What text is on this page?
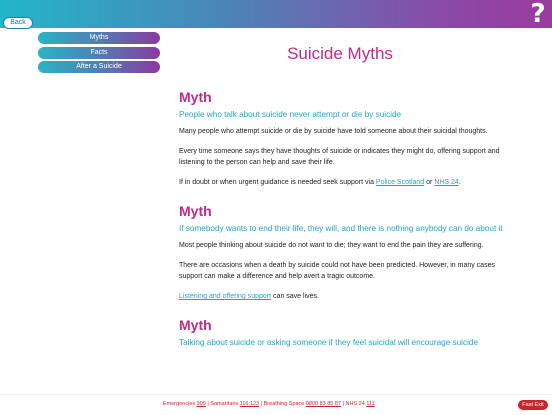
Back	?
Myths
Facts
After a Suicide
Suicide Myths
Myth
People who talk about suicide never attempt or die by suicide

Many people who attempt suicide or die by suicide have told someone about their suicidal thoughts.

Every time someone says they have thoughts of suicide or indicates they might do, offering support and listening to the person can help and save their life.

If in doubt or when urgent guidance is needed seek support via Police Scotland or NHS 24.

Myth
If somebody wants to end their life, they will, and there is nothing anybody can do about it

Most people thinking about suicide do not want to die; they want to end the pain they are suffering.

There are occasions when a death by suicide could not have been predicted. However, in many cases support can make a difference and help avert a tragic outcome.

Listening and offering support can save lives.

Myth
Talking about suicide or asking someone if they feel suicidal will encourage suicide
Emergencies 999 | Samaritans 116 123 | Breathing Space 0800 83 85 87 | NHS 24 111	Fast Exit
